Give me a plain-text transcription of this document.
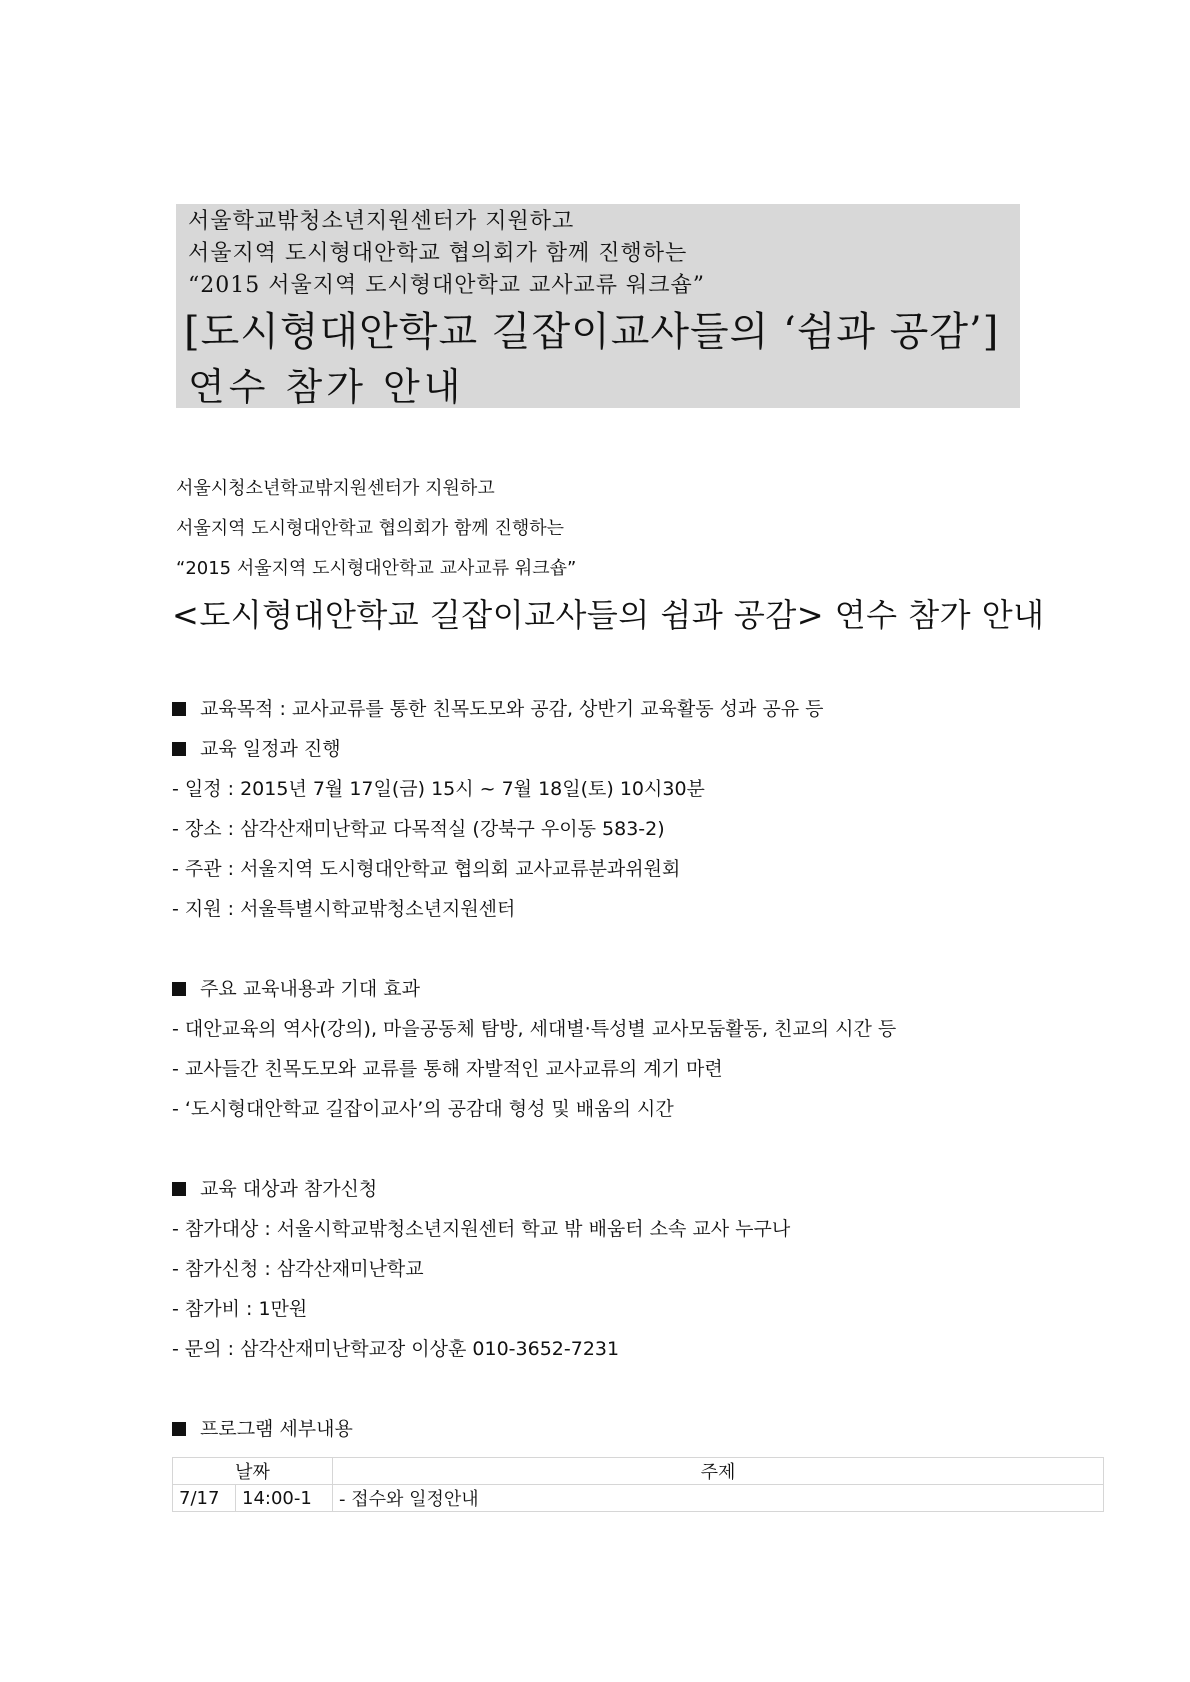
서울학교밖청소년지원센터가 지원하고
서울지역 도시형대안학교 협의회가 함께 진행하는
“2015 서울지역 도시형대안학교 교사교류 워크숍”
[도시형대안학교 길잡이교사들의 ‘쉼과 공감’]
연수 참가 안내
서울시청소년학교밖지원센터가 지원하고
서울지역 도시형대안학교 협의회가 함께 진행하는
“2015 서울지역 도시형대안학교 교사교류 워크숍”
<도시형대안학교 길잡이교사들의 쉼과 공감> 연수 참가 안내
교육목적 : 교사교류를 통한 친목도모와 공감, 상반기 교육활동 성과 공유 등
교육 일정과 진행
- 일정 : 2015년 7월 17일(금) 15시 ~ 7월 18일(토) 10시30분
- 장소 : 삼각산재미난학교 다목적실 (강북구 우이동 583-2)
- 주관 : 서울지역 도시형대안학교 협의회 교사교류분과위원회
- 지원 : 서울특별시학교밖청소년지원센터
주요 교육내용과 기대 효과
- 대안교육의 역사(강의), 마을공동체 탐방, 세대별·특성별 교사모둠활동, 친교의 시간 등
- 교사들간 친목도모와 교류를 통해 자발적인 교사교류의 계기 마련
- ‘도시형대안학교 길잡이교사’의 공감대 형성 및 배움의 시간
교육 대상과 참가신청
- 참가대상 : 서울시학교밖청소년지원센터 학교 밖 배움터 소속 교사 누구나
- 참가신청 : 삼각산재미난학교
- 참가비 : 1만원
- 문의 : 삼각산재미난학교장 이상훈 010-3652-7231
프로그램 세부내용
날짜		주제
7/17	14:00-1	- 접수와 일정안내
